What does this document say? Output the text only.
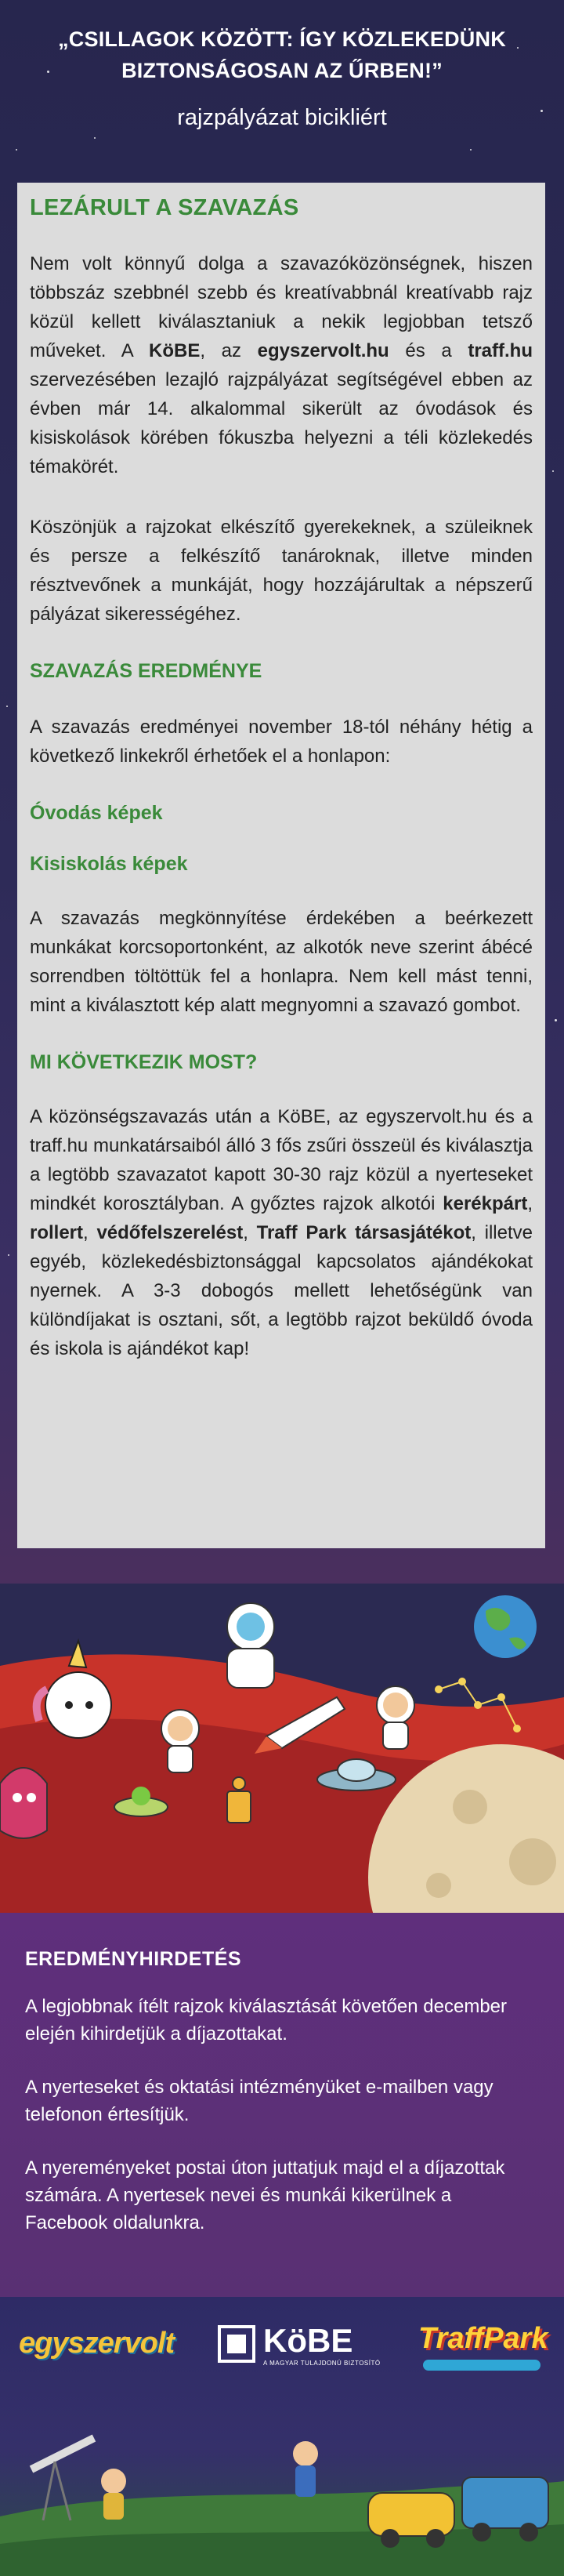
„CSILLAGOK KÖZÖTT: ÍGY KÖZLEKEDÜNK
BIZTONSÁGOSAN AZ ŰRBEN!”
rajzpályázat bicikliért
LEZÁRULT A SZAVAZÁS

Nem volt könnyű dolga a szavazóközönségnek, hiszen többszáz szebbnél szebb és kreatívabbnál kreatívabb rajz közül kellett kiválasztaniuk a nekik legjobban tetsző műveket. A KöBE, az egyszervolt.hu és a traff.hu szervezésében lezajló rajzpályázat segítségével ebben az évben már 14. alkalommal sikerült az óvodások és kisiskolások körében fókuszba helyezni a téli közlekedés témakörét.

Köszönjük a rajzokat elkészítő gyerekeknek, a szüleiknek és persze a felkészítő tanároknak, illetve minden résztvevőnek a munkáját, hogy hozzájárultak a népszerű pályázat sikerességéhez.

SZAVAZÁS EREDMÉNYE

A szavazás eredményei november 18-tól néhány hétig a következő linkekről érhetőek el a honlapon:

Óvodás képek
Kisiskolás képek

A szavazás megkönnyítése érdekében a beérkezett munkákat korcsoportonként, az alkotók neve szerint ábécé sorrendben töltöttük fel a honlapra. Nem kell mást tenni, mint a kiválasztott kép alatt megnyomni a szavazó gombot.

MI KÖVETKEZIK MOST?

A közönségszavazás után a KöBE, az egyszervolt.hu és a traff.hu munkatársaiból álló 3 fős zsűri összeül és kiválasztja a legtöbb szavazatot kapott 30-30 rajz közül a nyerteseket mindkét korosztályban. A győztes rajzok alkotói kerékpárt, rollert, védőfelszerelést, Traff Park társasjátékot, illetve egyéb, közlekedésbiztonsággal kapcsolatos ajándékokat nyernek. A 3-3 dobogós mellett lehetőségünk van különdíjakat is osztani, sőt, a legtöbb rajzot beküldő óvoda és iskola is ajándékot kap!

EREDMÉNYHIRDETÉS

A legjobbnak ítélt rajzok kiválasztását követően december elején kihirdetjük a díjazottakat.

A nyerteseket és oktatási intézményüket e-mailben vagy telefonon értesítjük.

A nyereményeket postai úton juttatjuk majd el a díjazottak számára. A nyertesek nevei és munkái kikerülnek a Facebook oldalunkra.

egyszervolt	KöBE
A MAGYAR TULAJDONÚ BIZTOSÍTÓ
TraffPark
